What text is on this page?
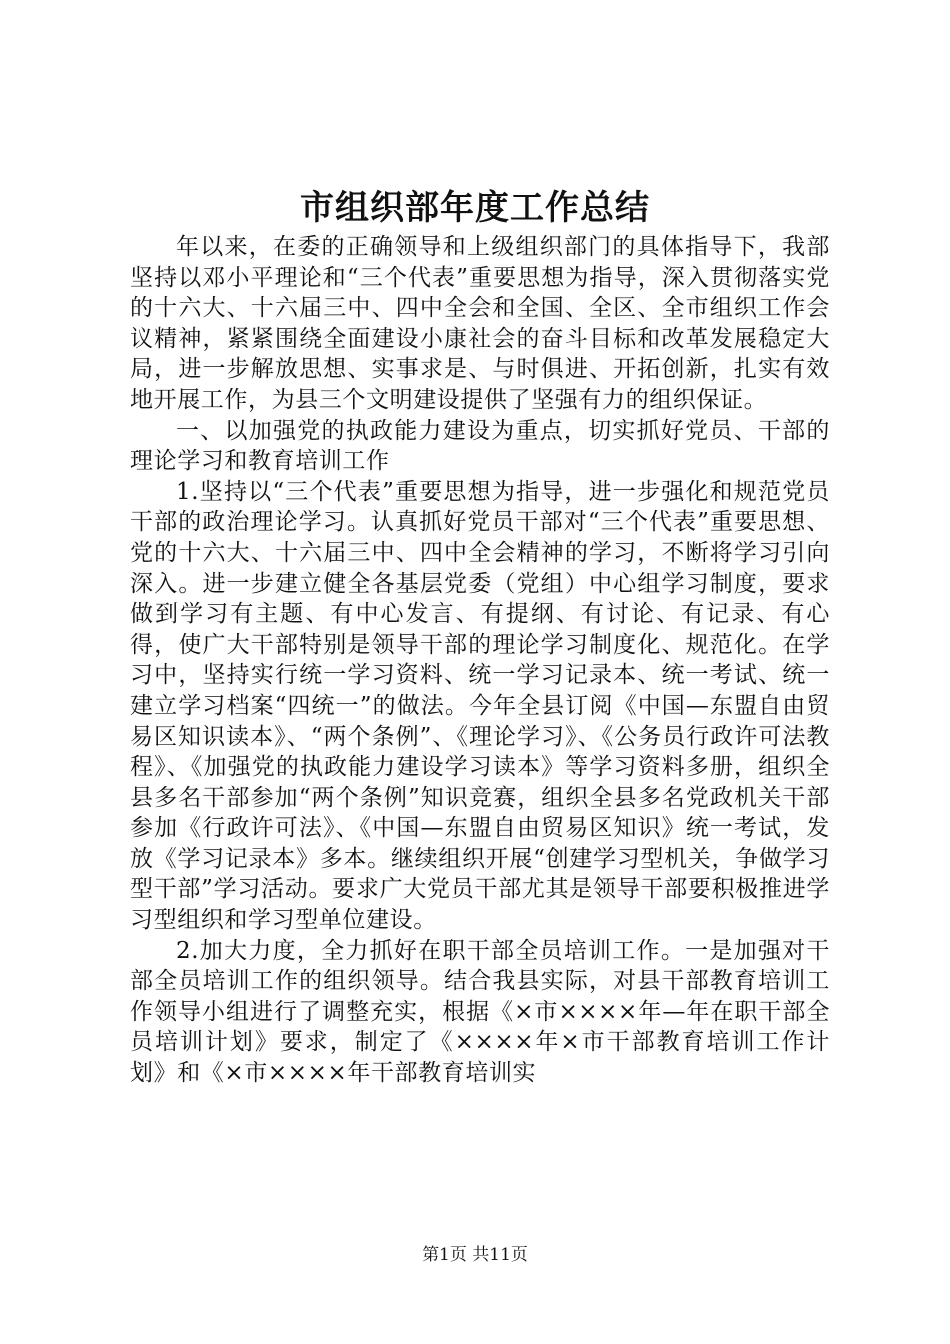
市组织部年度工作总结

年以来，在委的正确领导和上级组织部门的具体指导下，我部坚持以邓小平理论和“三个代表”重要思想为指导，深入贯彻落实党的十六大、十六届三中、四中全会和全国、全区、全市组织工作会议精神，紧紧围绕全面建设小康社会的奋斗目标和改革发展稳定大局，进一步解放思想、实事求是、与时俱进、开拓创新，扎实有效地开展工作，为县三个文明建设提供了坚强有力的组织保证。

一、以加强党的执政能力建设为重点，切实抓好党员、干部的理论学习和教育培训工作

1.坚持以“三个代表”重要思想为指导，进一步强化和规范党员干部的政治理论学习。认真抓好党员干部对“三个代表”重要思想、党的十六大、十六届三中、四中全会精神的学习，不断将学习引向深入。进一步建立健全各基层党委（党组）中心组学习制度，要求做到学习有主题、有中心发言、有提纲、有讨论、有记录、有心得，使广大干部特别是领导干部的理论学习制度化、规范化。在学习中，坚持实行统一学习资料、统一学习记录本、统一考试、统一建立学习档案“四统一”的做法。今年全县订阅《中国—东盟自由贸易区知识读本》、“两个条例”、《理论学习》、《公务员行政许可法教程》、《加强党的执政能力建设学习读本》等学习资料多册，组织全县多名干部参加“两个条例”知识竞赛，组织全县多名党政机关干部参加《行政许可法》、《中国—东盟自由贸易区知识》统一考试，发放《学习记录本》多本。继续组织开展“创建学习型机关，争做学习型干部”学习活动。要求广大党员干部尤其是领导干部要积极推进学习型组织和学习型单位建设。

2.加大力度，全力抓好在职干部全员培训工作。一是加强对干部全员培训工作的组织领导。结合我县实际，对县干部教育培训工作领导小组进行了调整充实，根据《×市××××年—年在职干部全员培训计划》要求，制定了《××××年×市干部教育培训工作计划》和《×市××××年干部教育培训实

第1页 共11页
